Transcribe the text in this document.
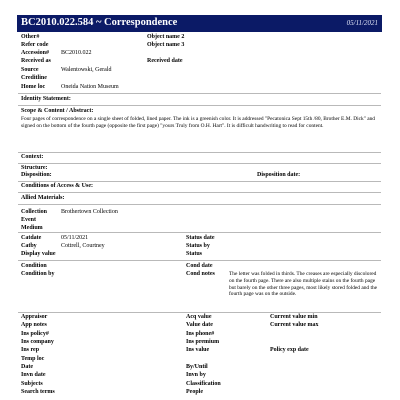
BC2010.022.584 ~ Correspondence	05/11/2021
Other#
Refer code
Accession# BC2010.022
Received as
Source	Walentowski, Gerald
Creditline
Home loc	Oneida Nation Museum
Object name 2
Object name 3
Received date
Identity Statement:
Scope & Content / Abstract:
Four pages of correspondence on a single sheet of folded, lined paper. The ink is a greenish color. It is addressed "Pecatonica Sept 15th /80, Brother E.M. Dick" and signed on the bottom of the fourth page (opposite the first page) "yours Truly from O.H. Hart". It is difficult handwriting to read for content.
Context:
Structure:
Disposition:	Disposition date:
Conditions of Access & Use:
Allied Materials:
Collection Brothertown Collection
Event
Medium
Catdate	05/11/2021
Catby	Cottrell, Courtney
Display value
Status date
Status by
Status
Condition
Condition by
Cond date
Cond notes	The letter was folded in thirds. The creases are especially discolored on the fourth page. There are also multiple stains on the fourth page but barely on the other three pages, most likely stored folded and the fourth page was on the outside.
Appraisor
App notes
Acq value
Value date
Current value min
Current value max
Ins policy#
Ins company
Ins rep
Ins phone#
Ins premium
Ins value	Policy exp date
Temp loc
Date
Invn date
By/Until
Invn by
Subjects
Search terms
Classification
People
